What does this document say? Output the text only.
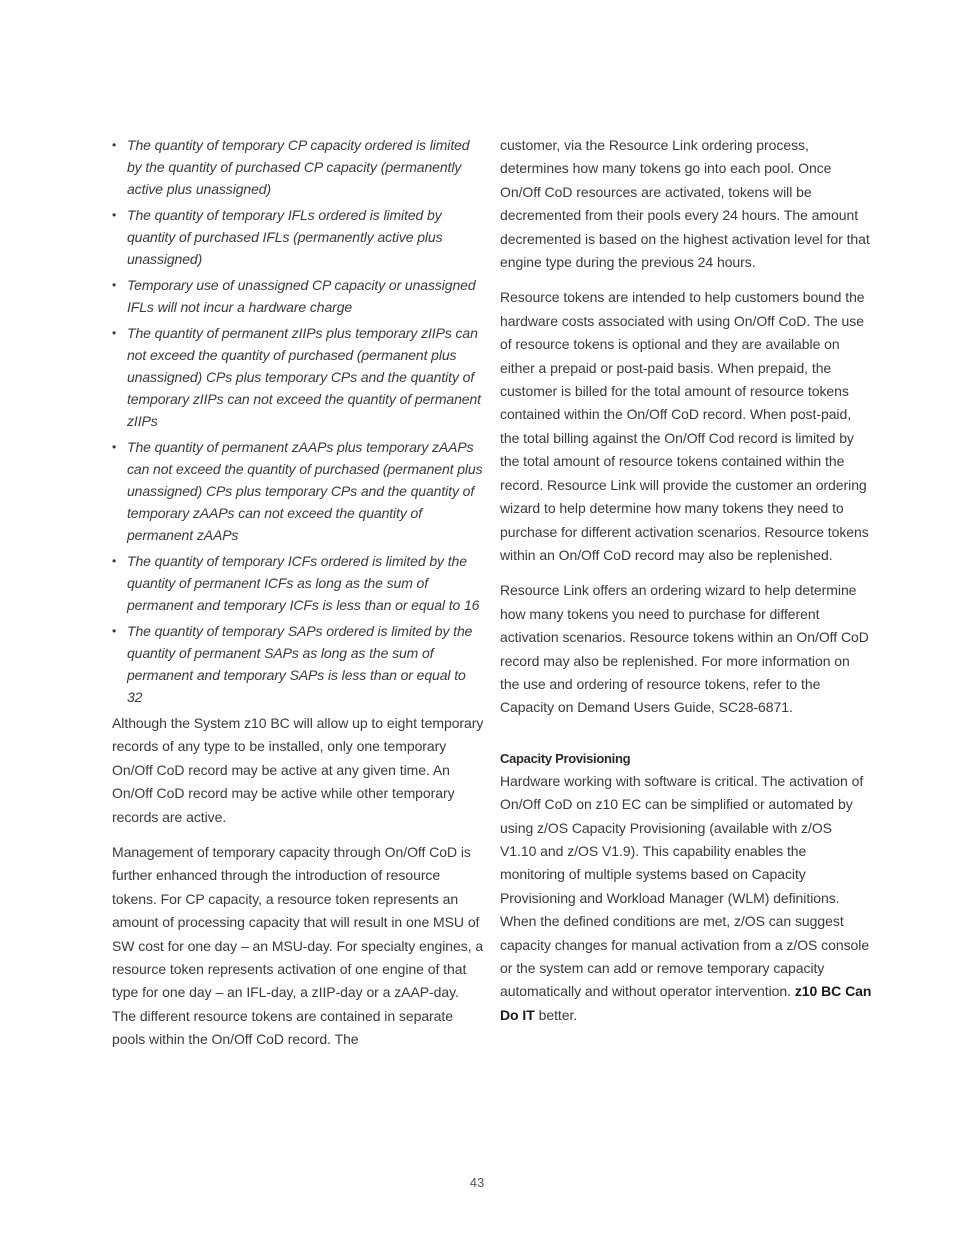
• The quantity of temporary CP capacity ordered is limited by the quantity of purchased CP capacity (permanently active plus unassigned)
• The quantity of temporary IFLs ordered is limited by quantity of purchased IFLs (permanently active plus unassigned)
• Temporary use of unassigned CP capacity or unassigned IFLs will not incur a hardware charge
• The quantity of permanent zIIPs plus temporary zIIPs can not exceed the quantity of purchased (permanent plus unassigned) CPs plus temporary CPs and the quantity of temporary zIIPs can not exceed the quantity of permanent zIIPs
• The quantity of permanent zAAPs plus temporary zAAPs can not exceed the quantity of purchased (permanent plus unassigned) CPs plus temporary CPs and the quantity of temporary zAAPs can not exceed the quantity of permanent zAAPs
• The quantity of temporary ICFs ordered is limited by the quantity of permanent ICFs as long as the sum of permanent and temporary ICFs is less than or equal to 16
• The quantity of temporary SAPs ordered is limited by the quantity of permanent SAPs as long as the sum of permanent and temporary SAPs is less than or equal to 32

Although the System z10 BC will allow up to eight temporary records of any type to be installed, only one temporary On/Off CoD record may be active at any given time. An On/Off CoD record may be active while other temporary records are active.

Management of temporary capacity through On/Off CoD is further enhanced through the introduction of resource tokens. For CP capacity, a resource token represents an amount of processing capacity that will result in one MSU of SW cost for one day – an MSU-day. For specialty engines, a resource token represents activation of one engine of that type for one day – an IFL-day, a zIIP-day or a zAAP-day. The different resource tokens are contained in separate pools within the On/Off CoD record. The

customer, via the Resource Link ordering process, determines how many tokens go into each pool. Once On/Off CoD resources are activated, tokens will be decremented from their pools every 24 hours. The amount decremented is based on the highest activation level for that engine type during the previous 24 hours.

Resource tokens are intended to help customers bound the hardware costs associated with using On/Off CoD. The use of resource tokens is optional and they are available on either a prepaid or post-paid basis. When prepaid, the customer is billed for the total amount of resource tokens contained within the On/Off CoD record. When post-paid, the total billing against the On/Off Cod record is limited by the total amount of resource tokens contained within the record. Resource Link will provide the customer an ordering wizard to help determine how many tokens they need to purchase for different activation scenarios. Resource tokens within an On/Off CoD record may also be replenished.

Resource Link offers an ordering wizard to help determine how many tokens you need to purchase for different activation scenarios. Resource tokens within an On/Off CoD record may also be replenished. For more information on the use and ordering of resource tokens, refer to the Capacity on Demand Users Guide, SC28-6871.

Capacity Provisioning

Hardware working with software is critical. The activation of On/Off CoD on z10 EC can be simplified or automated by using z/OS Capacity Provisioning (available with z/OS V1.10 and z/OS V1.9). This capability enables the monitoring of multiple systems based on Capacity Provisioning and Workload Manager (WLM) definitions. When the defined conditions are met, z/OS can suggest capacity changes for manual activation from a z/OS console or the system can add or remove temporary capacity automatically and without operator intervention. z10 BC Can Do IT better.

43
